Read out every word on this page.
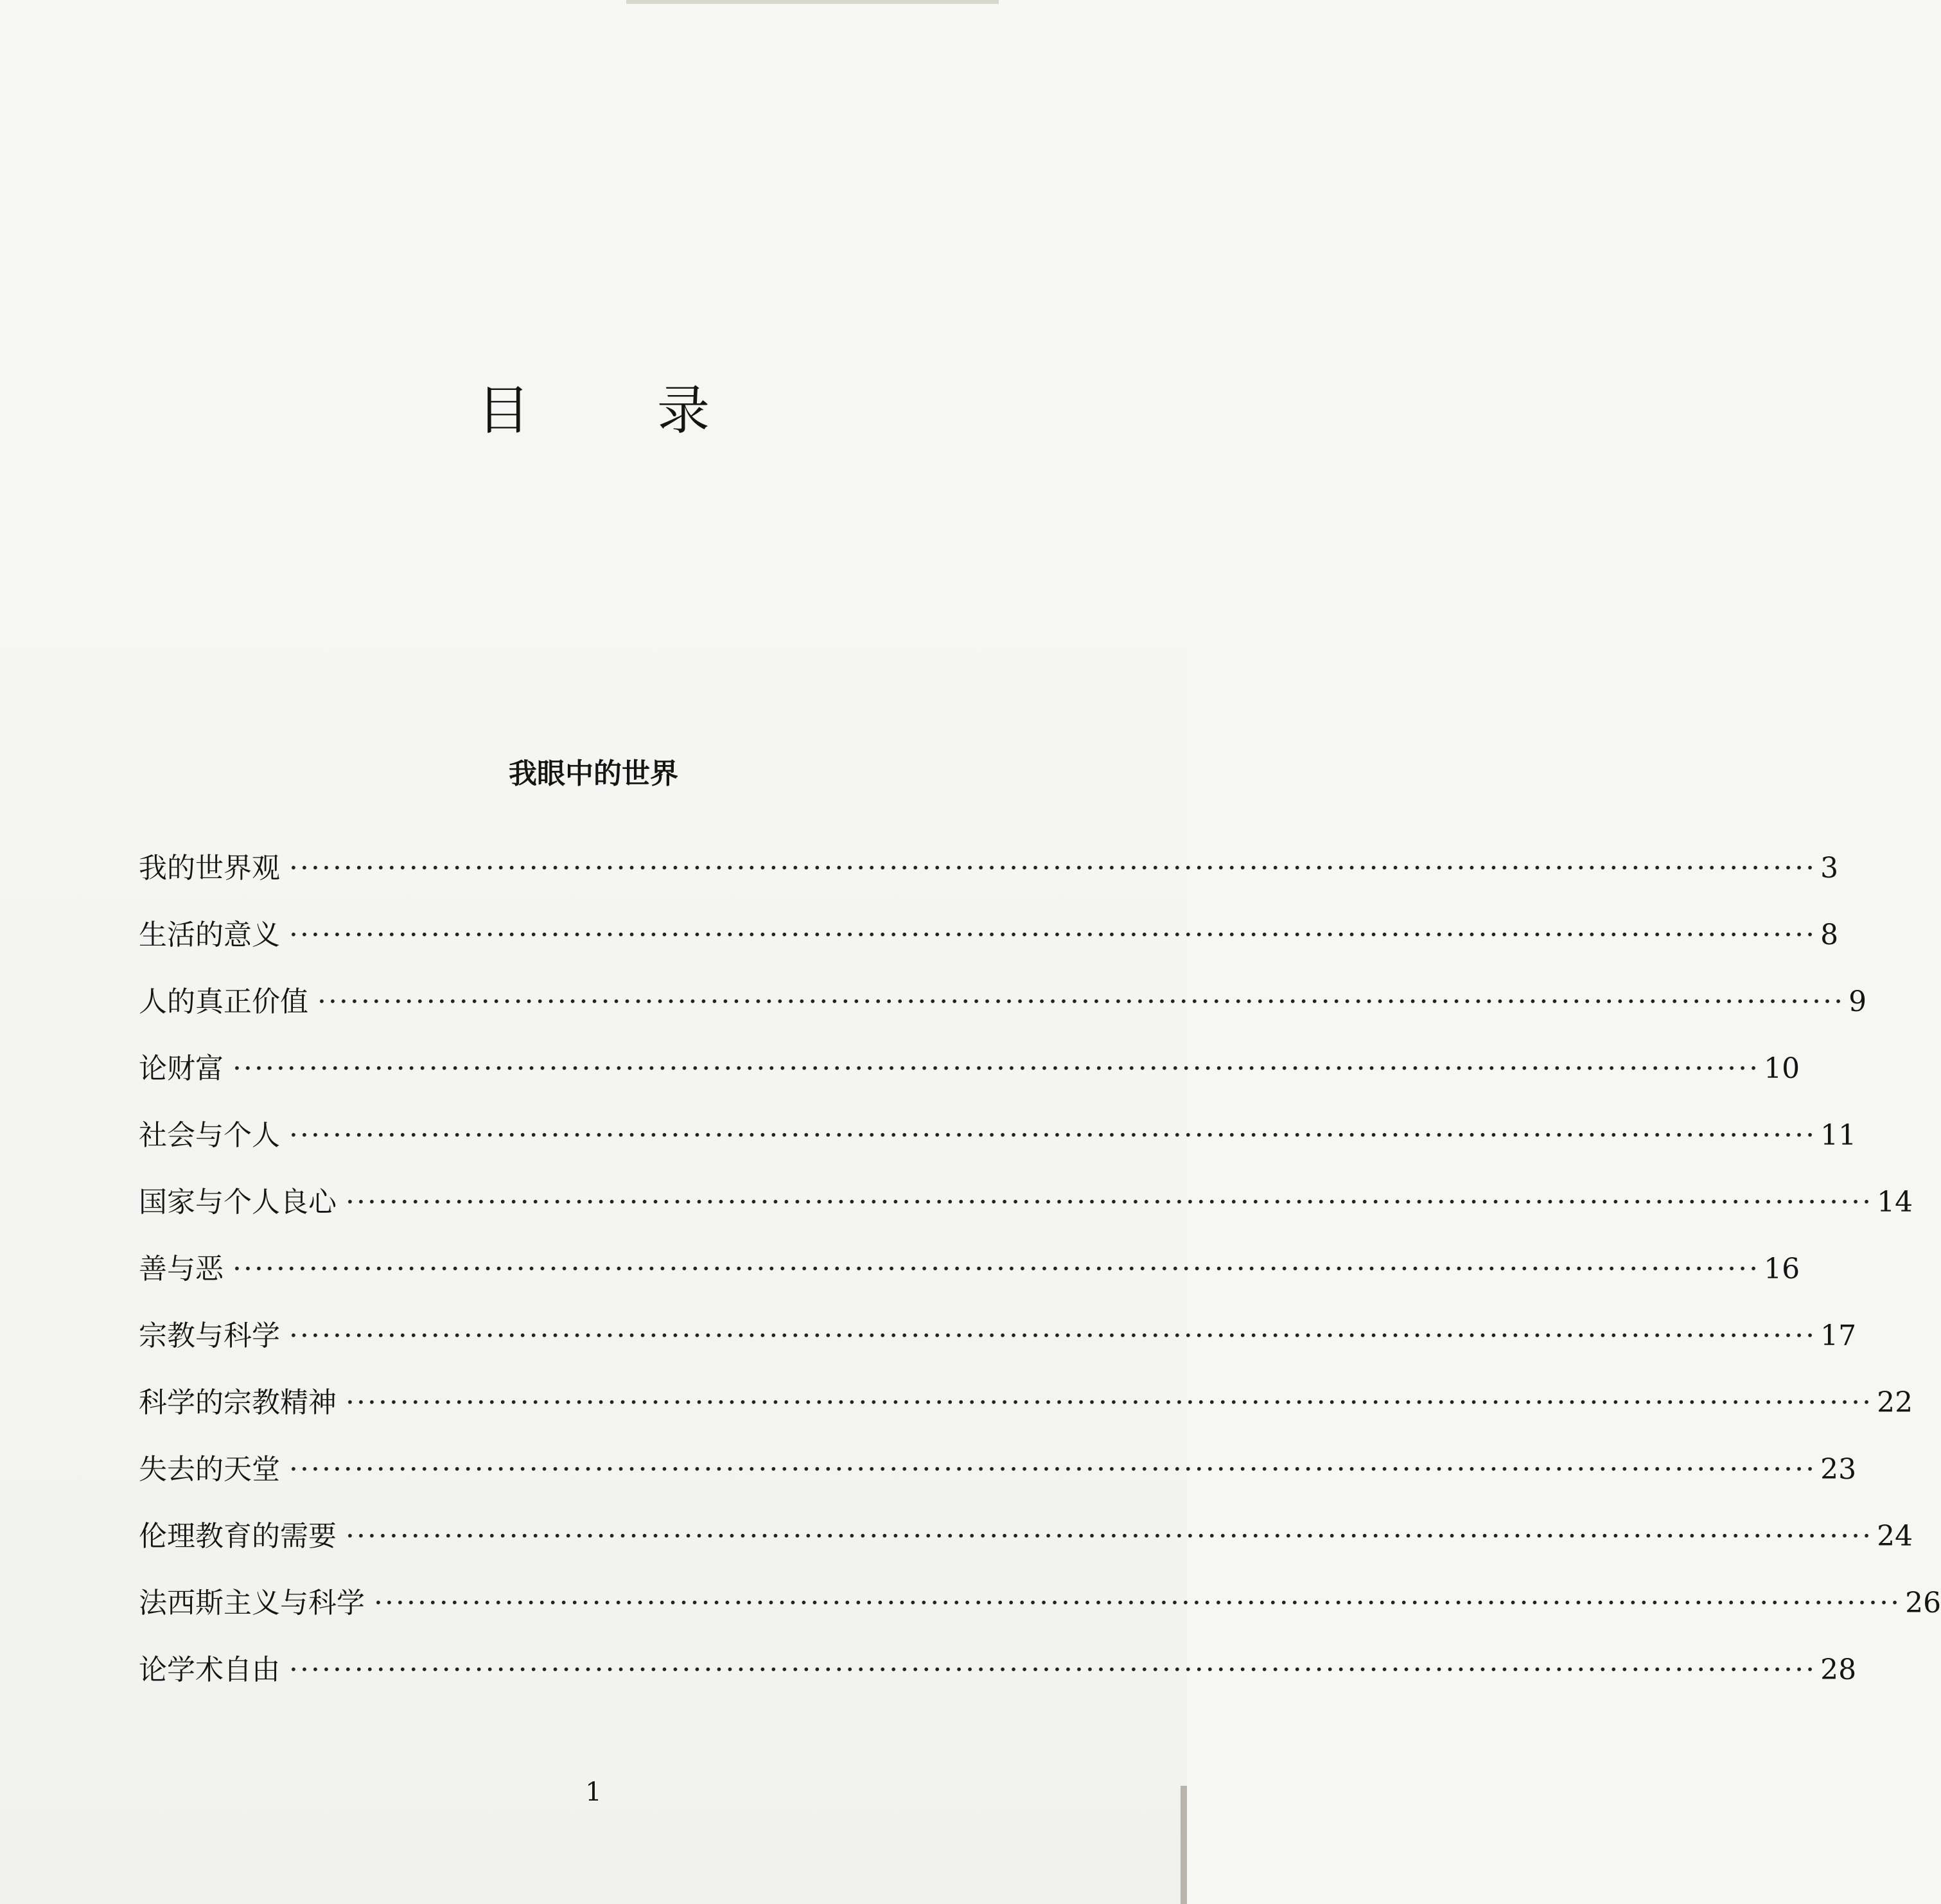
目　录
我眼中的世界
我的世界观 ············································································································································ 3
生活的意义 ············································································································································ 8
人的真正价值 ············································································································································ 9
论财富 ············································································································································ 10
社会与个人 ············································································································································ 11
国家与个人良心 ············································································································································ 14
善与恶 ············································································································································ 16
宗教与科学 ············································································································································ 17
科学的宗教精神 ············································································································································ 22
失去的天堂 ············································································································································ 23
伦理教育的需要 ············································································································································ 24
法西斯主义与科学 ············································································································································ 26
论学术自由 ············································································································································ 28
1
